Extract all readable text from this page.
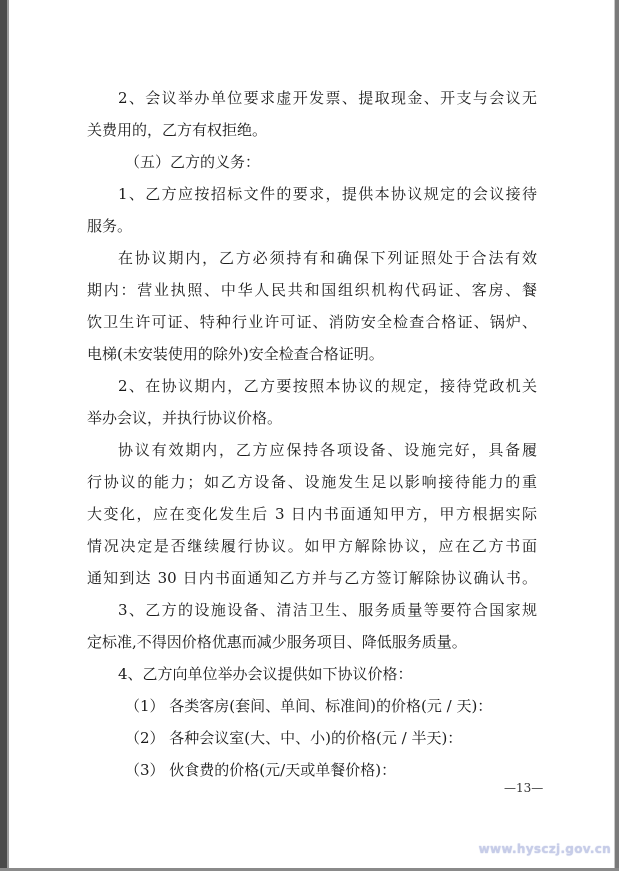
2、会议举办单位要求虚开发票、提取现金、开支与会议无
关费用的，乙方有权拒绝。
（五）乙方的义务：
1、乙方应按招标文件的要求，提供本协议规定的会议接待
服务。
在协议期内，乙方必须持有和确保下列证照处于合法有效
期内：营业执照、中华人民共和国组织机构代码证、客房、餐
饮卫生许可证、特种行业许可证、消防安全检查合格证、锅炉、
电梯(未安装使用的除外)安全检查合格证明。
2、在协议期内，乙方要按照本协议的规定，接待党政机关
举办会议，并执行协议价格。
协议有效期内，乙方应保持各项设备、设施完好，具备履
行协议的能力；如乙方设备、设施发生足以影响接待能力的重
大变化，应在变化发生后 3 日内书面通知甲方，甲方根据实际
情况决定是否继续履行协议。如甲方解除协议，应在乙方书面
通知到达 30 日内书面通知乙方并与乙方签订解除协议确认书。
3、乙方的设施设备、清洁卫生、服务质量等要符合国家规
定标准,不得因价格优惠而减少服务项目、降低服务质量。
4、乙方向单位举办会议提供如下协议价格：
（1） 各类客房(套间、单间、标准间)的价格(元 / 天)：
（2） 各种会议室(大、中、小)的价格(元 / 半天)：
（3） 伙食费的价格(元/天或单餐价格)：
—13—
www.hysczj.gov.cn
